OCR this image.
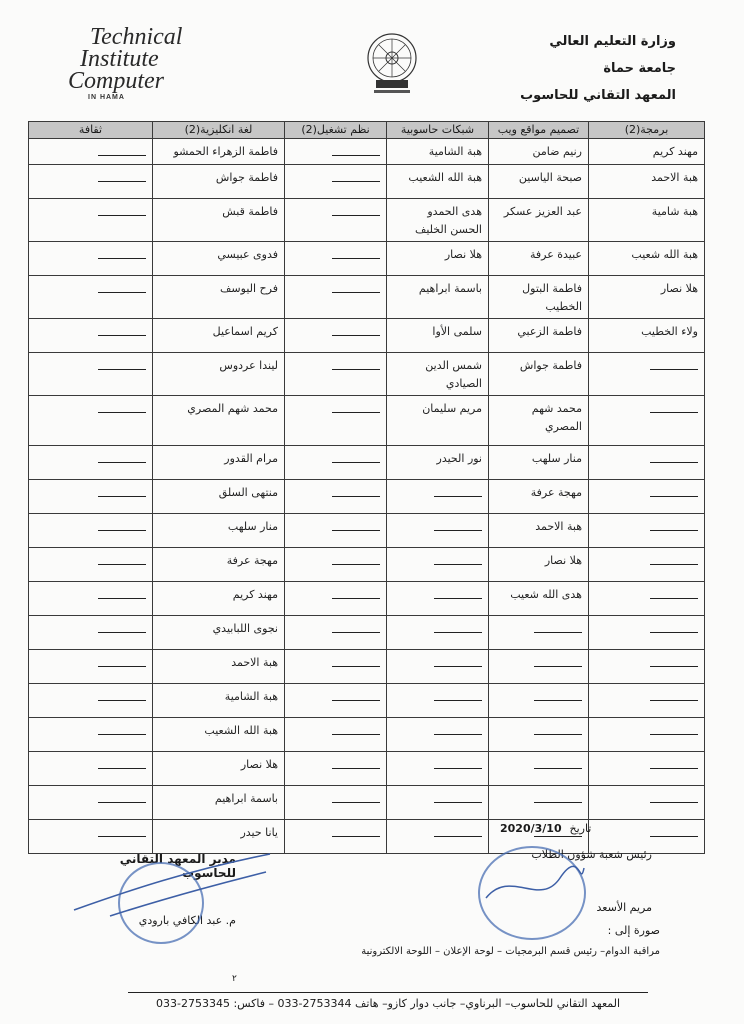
Technical
Institute
Computer
IN HAMA
وزارة التعليم العالي
جامعة حماة
المعهد التقاني للحاسوب
برمجة(2)	تصميم مواقع ويب	شبكات حاسوبية	نظم تشغيل(2)	لغة انكليزية(2)	ثقافة
مهند كريم	رنيم ضامن	هبة الشامية		فاطمة الزهراء الحمشو	
هبة الاحمد	صبحة الياسين	هبة الله الشعيب		فاطمة جواش	
هبة شامية	عبد العزيز عسكر	هدى الحمدو الحسن الخليف		فاطمة قبش	
هبة الله شعيب	عبيدة عرفة	هلا نصار		فدوى عبيسي	
هلا نصار	فاطمة البتول الخطيب	باسمة ابراهيم		فرح اليوسف	
ولاء الخطيب	فاطمة الزعبي	سلمى الأوا		كريم اسماعيل	
	فاطمة جواش	شمس الدين الصيادي		ليندا عردوس	
	محمد شهم المصري	مريم سليمان		محمد شهم المصري	
	منار سلهب	نور الحيدر		مرام القدور	
	مهجة عرفة			منتهى السلق	
	هبة الاحمد			منار سلهب	
	هلا نصار			مهجة عرفة	
	هدى الله شعيب			مهند كريم	
				نجوى اللبابيدي	
				هبة الاحمد	
				هبة الشامية	
				هبة الله الشعيب	
				هلا نصار	
				باسمة ابراهيم	
				يانا حيدر		تاريخ 2020/3/10
مدير المعهد التقاني للحاسوب
م. عبد الكافي بارودي
رئيس شعبة شؤون الطلاب
مريم الأسعد
صورة إلى :
مراقبة الدوام– رئيس قسم البرمجيات – لوحة الإعلان – اللوحة الالكترونية
٢
المعهد التقاني للحاسوب– البرناوي– جانب دوار كازو– هاتف 2753344-033 – فاكس: 2753345-033
